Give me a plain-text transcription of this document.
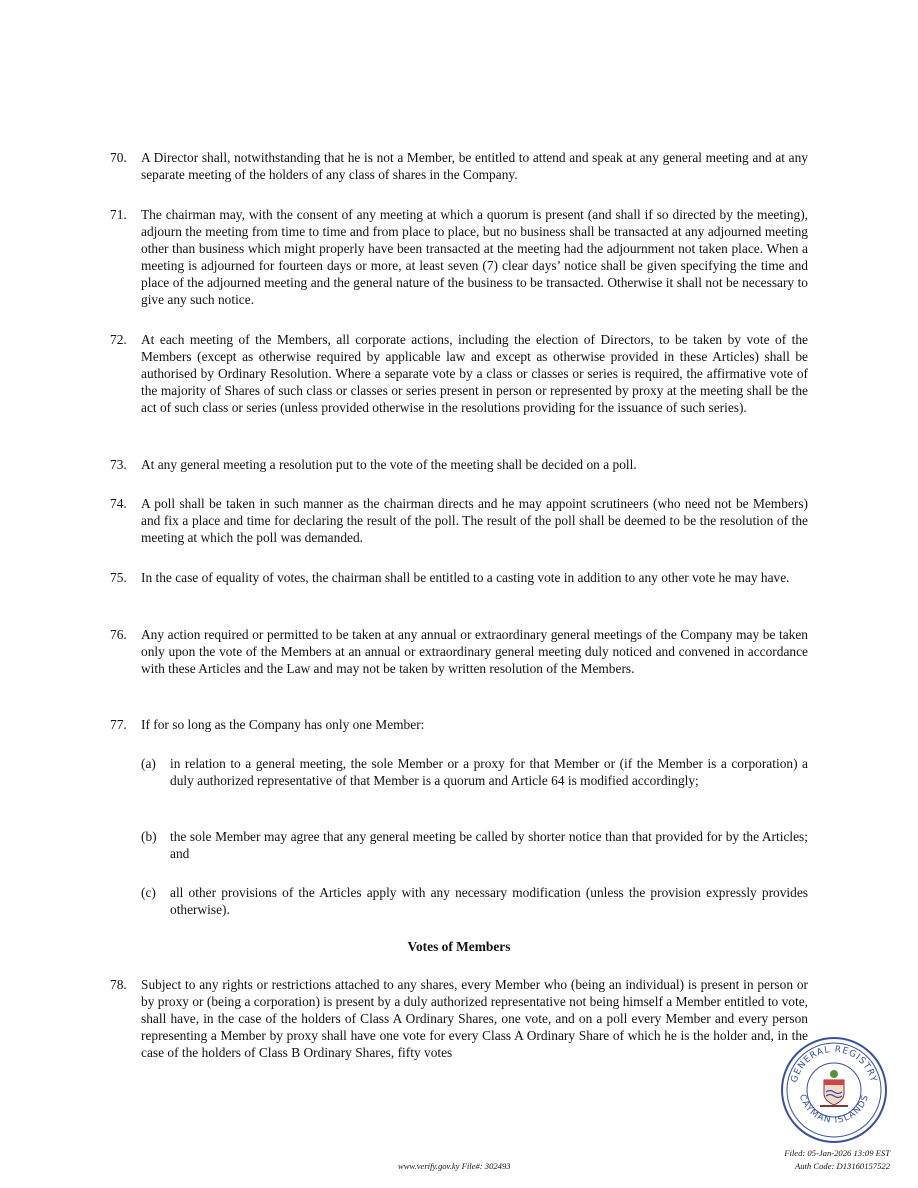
70.	A Director shall, notwithstanding that he is not a Member, be entitled to attend and speak at any general meeting and at any separate meeting of the holders of any class of shares in the Company.
71.	The chairman may, with the consent of any meeting at which a quorum is present (and shall if so directed by the meeting), adjourn the meeting from time to time and from place to place, but no business shall be transacted at any adjourned meeting other than business which might properly have been transacted at the meeting had the adjournment not taken place. When a meeting is adjourned for fourteen days or more, at least seven (7) clear days’ notice shall be given specifying the time and place of the adjourned meeting and the general nature of the business to be transacted. Otherwise it shall not be necessary to give any such notice.
72.	At each meeting of the Members, all corporate actions, including the election of Directors, to be taken by vote of the Members (except as otherwise required by applicable law and except as otherwise provided in these Articles) shall be authorised by Ordinary Resolution. Where a separate vote by a class or classes or series is required, the affirmative vote of the majority of Shares of such class or classes or series present in person or represented by proxy at the meeting shall be the act of such class or series (unless provided otherwise in the resolutions providing for the issuance of such series).
73.	At any general meeting a resolution put to the vote of the meeting shall be decided on a poll.
74.	A poll shall be taken in such manner as the chairman directs and he may appoint scrutineers (who need not be Members) and fix a place and time for declaring the result of the poll. The result of the poll shall be deemed to be the resolution of the meeting at which the poll was demanded.
75.	In the case of equality of votes, the chairman shall be entitled to a casting vote in addition to any other vote he may have.
76.	Any action required or permitted to be taken at any annual or extraordinary general meetings of the Company may be taken only upon the vote of the Members at an annual or extraordinary general meeting duly noticed and convened in accordance with these Articles and the Law and may not be taken by written resolution of the Members.
77.	If for so long as the Company has only one Member:
(a)	in relation to a general meeting, the sole Member or a proxy for that Member or (if the Member is a corporation) a duly authorized representative of that Member is a quorum and Article 64 is modified accordingly;
(b) the sole Member may agree that any general meeting be called by shorter notice than that provided for by the Articles; and
(c)	all other provisions of the Articles apply with any necessary modification (unless the provision expressly provides otherwise).
Votes of Members
78.	Subject to any rights or restrictions attached to any shares, every Member who (being an individual) is present in person or by proxy or (being a corporation) is present by a duly authorized representative not being himself a Member entitled to vote, shall have, in the case of the holders of Class A Ordinary Shares, one vote, and on a poll every Member and every person representing a Member by proxy shall have one vote for every Class A Ordinary Share of which he is the holder and, in the case of the holders of Class B Ordinary Shares, fifty votes
GENERAL REGISTRY
CAYMAN ISLANDS
www.verify.gov.ky File#: 302493
Filed: 05-Jan-2026 13:09 EST
Auth Code: D13160157522
